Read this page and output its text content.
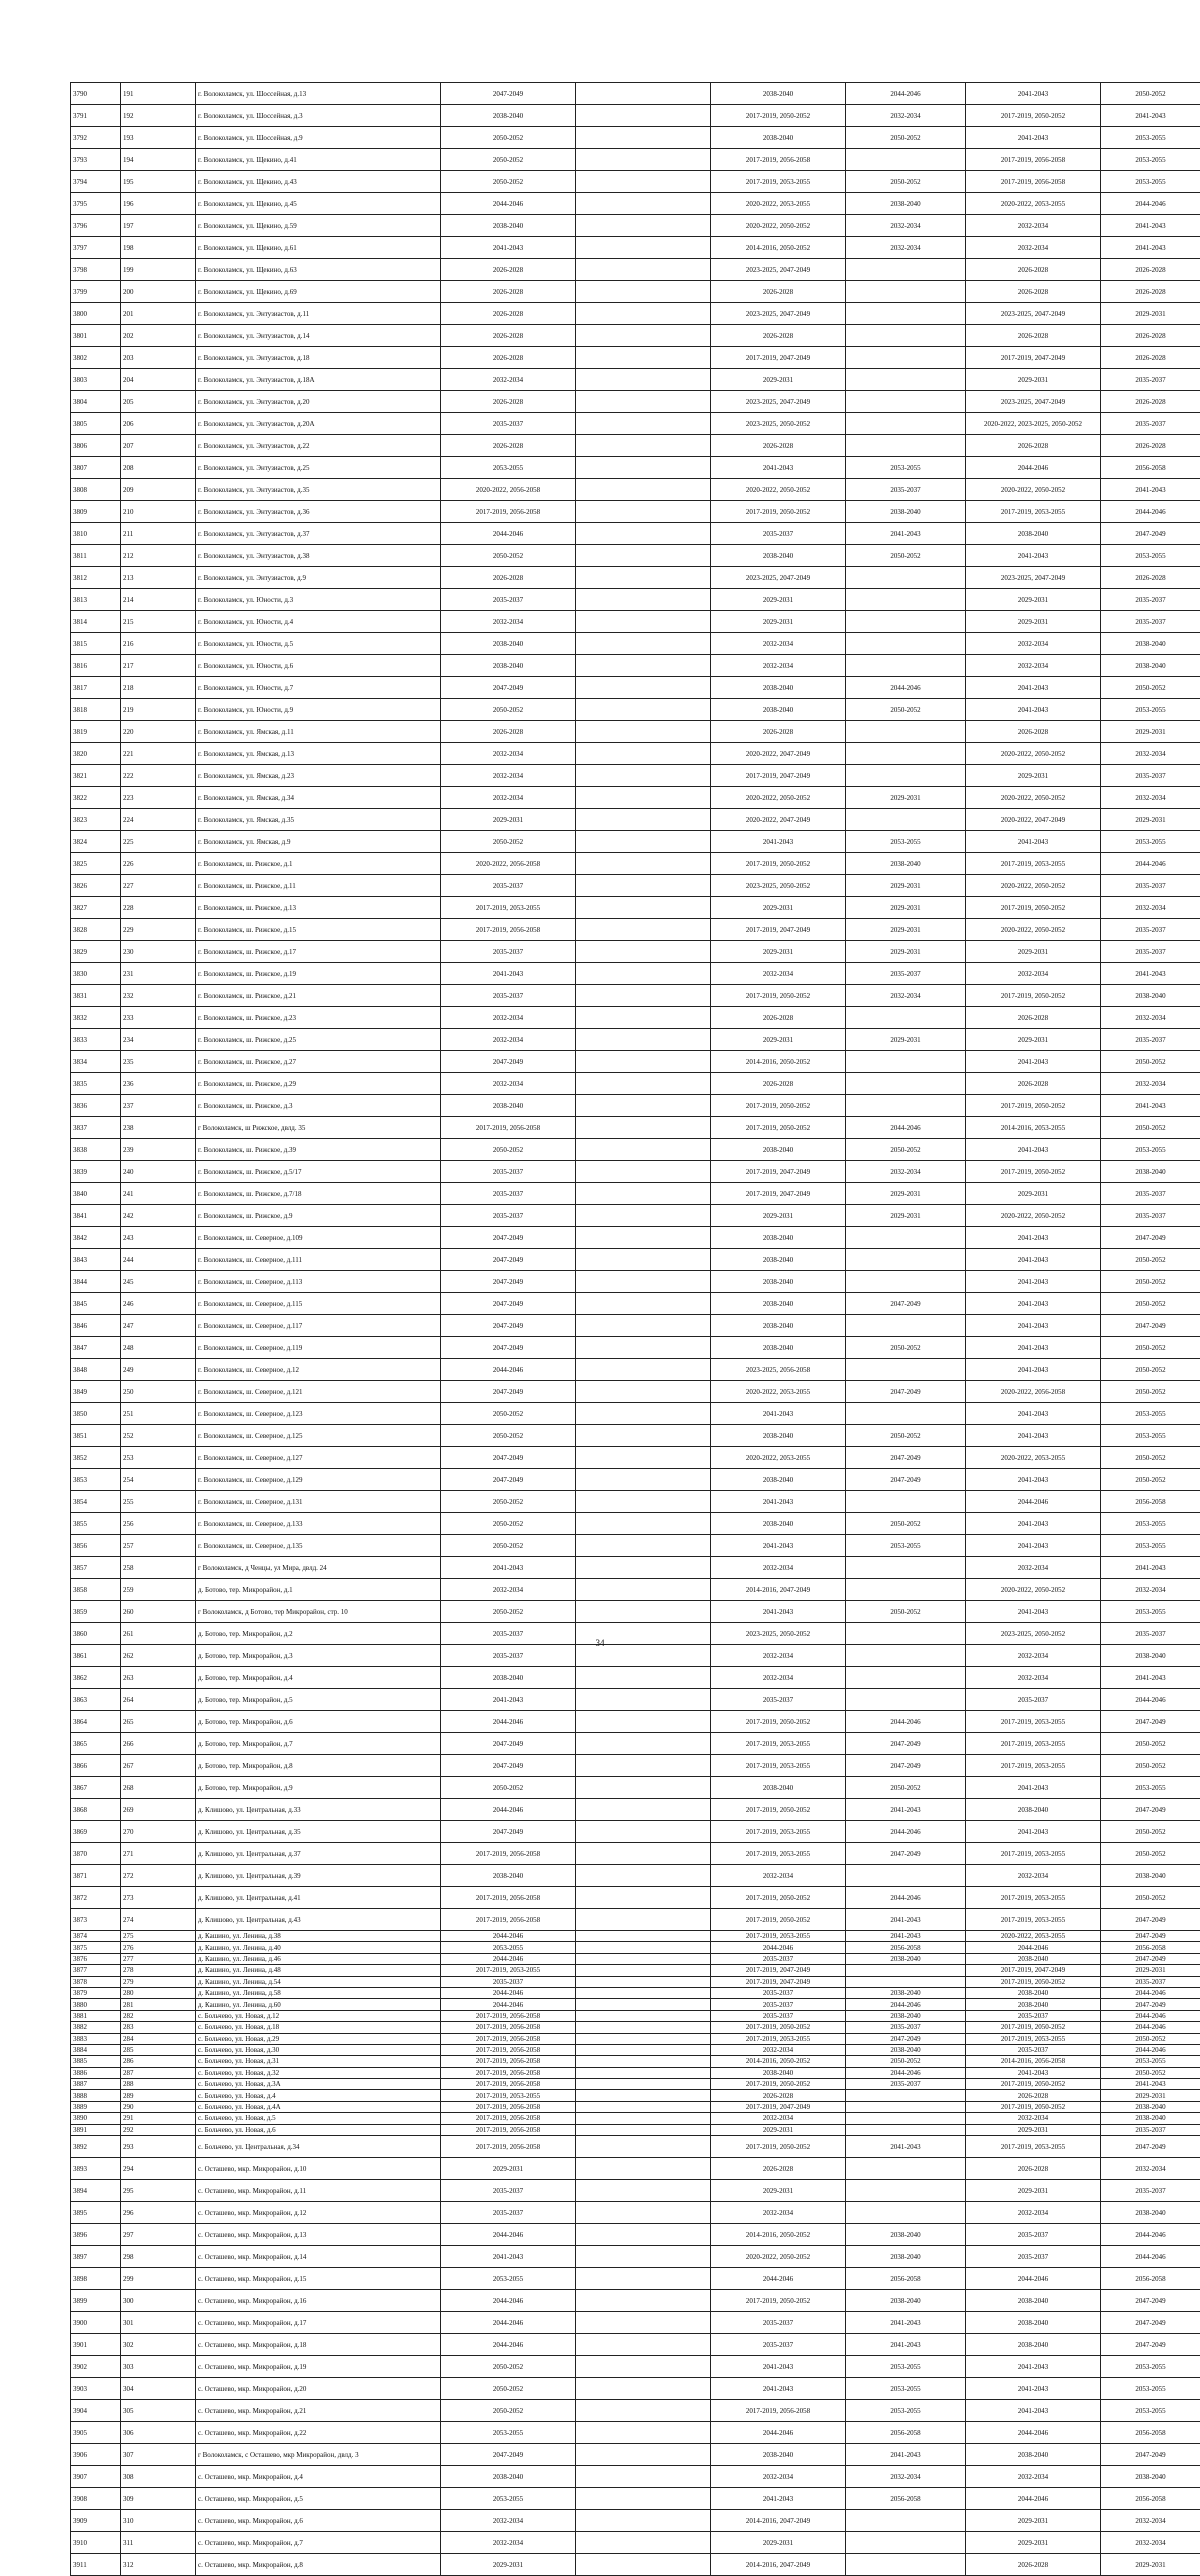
3790	191	г. Волоколамск, ул. Шоссейная, д.13	2047-2049		2038-2040	2044-2046	2041-2043	2050-2052
3791	192	г. Волоколамск, ул. Шоссейная, д.3	2038-2040		2017-2019, 2050-2052	2032-2034	2017-2019, 2050-2052	2041-2043
3792	193	г. Волоколамск, ул. Шоссейная, д.9	2050-2052		2038-2040	2050-2052	2041-2043	2053-2055
3793	194	г. Волоколамск, ул. Щекино, д.41	2050-2052		2017-2019, 2056-2058		2017-2019, 2056-2058	2053-2055
3794	195	г. Волоколамск, ул. Щекино, д.43	2050-2052		2017-2019, 2053-2055	2050-2052	2017-2019, 2056-2058	2053-2055
3795	196	г. Волоколамск, ул. Щекино, д.45	2044-2046		2020-2022, 2053-2055	2038-2040	2020-2022, 2053-2055	2044-2046
3796	197	г. Волоколамск, ул. Щекино, д.59	2038-2040		2020-2022, 2050-2052	2032-2034	2032-2034	2041-2043
3797	198	г. Волоколамск, ул. Щекино, д.61	2041-2043		2014-2016, 2050-2052	2032-2034	2032-2034	2041-2043
3798	199	г. Волоколамск, ул. Щекино, д.63	2026-2028		2023-2025, 2047-2049		2026-2028	2026-2028
3799	200	г. Волоколамск, ул. Щекино, д.69	2026-2028		2026-2028		2026-2028	2026-2028
3800	201	г. Волоколамск, ул. Энтузиастов, д.11	2026-2028		2023-2025, 2047-2049		2023-2025, 2047-2049	2029-2031
3801	202	г. Волоколамск, ул. Энтузиастов, д.14	2026-2028		2026-2028		2026-2028	2026-2028
3802	203	г. Волоколамск, ул. Энтузиастов, д.18	2026-2028		2017-2019, 2047-2049		2017-2019, 2047-2049	2026-2028
3803	204	г. Волоколамск, ул. Энтузиастов, д.18А	2032-2034		2029-2031		2029-2031	2035-2037
3804	205	г. Волоколамск, ул. Энтузиастов, д.20	2026-2028		2023-2025, 2047-2049		2023-2025, 2047-2049	2026-2028
3805	206	г. Волоколамск, ул. Энтузиастов, д.20А	2035-2037		2023-2025, 2050-2052		2020-2022, 2023-2025, 2050-2052	2035-2037
3806	207	г. Волоколамск, ул. Энтузиастов, д.22	2026-2028		2026-2028		2026-2028	2026-2028
3807	208	г. Волоколамск, ул. Энтузиастов, д.25	2053-2055		2041-2043	2053-2055	2044-2046	2056-2058
3808	209	г. Волоколамск, ул. Энтузиастов, д.35	2020-2022, 2056-2058		2020-2022, 2050-2052	2035-2037	2020-2022, 2050-2052	2041-2043
3809	210	г. Волоколамск, ул. Энтузиастов, д.36	2017-2019, 2056-2058		2017-2019, 2050-2052	2038-2040	2017-2019, 2053-2055	2044-2046
3810	211	г. Волоколамск, ул. Энтузиастов, д.37	2044-2046		2035-2037	2041-2043	2038-2040	2047-2049
3811	212	г. Волоколамск, ул. Энтузиастов, д.38	2050-2052		2038-2040	2050-2052	2041-2043	2053-2055
3812	213	г. Волоколамск, ул. Энтузиастов, д.9	2026-2028		2023-2025, 2047-2049		2023-2025, 2047-2049	2026-2028
3813	214	г. Волоколамск, ул. Юности, д.3	2035-2037		2029-2031		2029-2031	2035-2037
3814	215	г. Волоколамск, ул. Юности, д.4	2032-2034		2029-2031		2029-2031	2035-2037
3815	216	г. Волоколамск, ул. Юности, д.5	2038-2040		2032-2034		2032-2034	2038-2040
3816	217	г. Волоколамск, ул. Юности, д.6	2038-2040		2032-2034		2032-2034	2038-2040
3817	218	г. Волоколамск, ул. Юности, д.7	2047-2049		2038-2040	2044-2046	2041-2043	2050-2052
3818	219	г. Волоколамск, ул. Юности, д.9	2050-2052		2038-2040	2050-2052	2041-2043	2053-2055
3819	220	г. Волоколамск, ул. Ямская, д.11	2026-2028		2026-2028		2026-2028	2029-2031
3820	221	г. Волоколамск, ул. Ямская, д.13	2032-2034		2020-2022, 2047-2049		2020-2022, 2050-2052	2032-2034
3821	222	г. Волоколамск, ул. Ямская, д.23	2032-2034		2017-2019, 2047-2049		2029-2031	2035-2037
3822	223	г. Волоколамск, ул. Ямская, д.34	2032-2034		2020-2022, 2050-2052	2029-2031	2020-2022, 2050-2052	2032-2034
3823	224	г. Волоколамск, ул. Ямская, д.35	2029-2031		2020-2022, 2047-2049		2020-2022, 2047-2049	2029-2031
3824	225	г. Волоколамск, ул. Ямская, д.9	2050-2052		2041-2043	2053-2055	2041-2043	2053-2055
3825	226	г. Волоколамск, ш. Рижское, д.1	2020-2022, 2056-2058		2017-2019, 2050-2052	2038-2040	2017-2019, 2053-2055	2044-2046
3826	227	г. Волоколамск, ш. Рижское, д.11	2035-2037		2023-2025, 2050-2052	2029-2031	2020-2022, 2050-2052	2035-2037
3827	228	г. Волоколамск, ш. Рижское, д.13	2017-2019, 2053-2055		2029-2031	2029-2031	2017-2019, 2050-2052	2032-2034
3828	229	г. Волоколамск, ш. Рижское, д.15	2017-2019, 2056-2058		2017-2019, 2047-2049	2029-2031	2020-2022, 2050-2052	2035-2037
3829	230	г. Волоколамск, ш. Рижское, д.17	2035-2037		2029-2031	2029-2031	2029-2031	2035-2037
3830	231	г. Волоколамск, ш. Рижское, д.19	2041-2043		2032-2034	2035-2037	2032-2034	2041-2043
3831	232	г. Волоколамск, ш. Рижское, д.21	2035-2037		2017-2019, 2050-2052	2032-2034	2017-2019, 2050-2052	2038-2040
3832	233	г. Волоколамск, ш. Рижское, д.23	2032-2034		2026-2028		2026-2028	2032-2034
3833	234	г. Волоколамск, ш. Рижское, д.25	2032-2034		2029-2031	2029-2031	2029-2031	2035-2037
3834	235	г. Волоколамск, ш. Рижское, д.27	2047-2049		2014-2016, 2050-2052		2041-2043	2050-2052
3835	236	г. Волоколамск, ш. Рижское, д.29	2032-2034		2026-2028		2026-2028	2032-2034
3836	237	г. Волоколамск, ш. Рижское, д.3	2038-2040		2017-2019, 2050-2052		2017-2019, 2050-2052	2041-2043
3837	238	г Волоколамск, ш Рижское, двлд. 35	2017-2019, 2056-2058		2017-2019, 2050-2052	2044-2046	2014-2016, 2053-2055	2050-2052
3838	239	г. Волоколамск, ш. Рижское, д.39	2050-2052		2038-2040	2050-2052	2041-2043	2053-2055
3839	240	г. Волоколамск, ш. Рижское, д.5/17	2035-2037		2017-2019, 2047-2049	2032-2034	2017-2019, 2050-2052	2038-2040
3840	241	г. Волоколамск, ш. Рижское, д.7/18	2035-2037		2017-2019, 2047-2049	2029-2031	2029-2031	2035-2037
3841	242	г. Волоколамск, ш. Рижское, д.9	2035-2037		2029-2031	2029-2031	2020-2022, 2050-2052	2035-2037
3842	243	г. Волоколамск, ш. Северное, д.109	2047-2049		2038-2040		2041-2043	2047-2049
3843	244	г. Волоколамск, ш. Северное, д.111	2047-2049		2038-2040		2041-2043	2050-2052
3844	245	г. Волоколамск, ш. Северное, д.113	2047-2049		2038-2040		2041-2043	2050-2052
3845	246	г. Волоколамск, ш. Северное, д.115	2047-2049		2038-2040	2047-2049	2041-2043	2050-2052
3846	247	г. Волоколамск, ш. Северное, д.117	2047-2049		2038-2040		2041-2043	2047-2049
3847	248	г. Волоколамск, ш. Северное, д.119	2047-2049		2038-2040	2050-2052	2041-2043	2050-2052
3848	249	г. Волоколамск, ш. Северное, д.12	2044-2046		2023-2025, 2056-2058		2041-2043	2050-2052
3849	250	г. Волоколамск, ш. Северное, д.121	2047-2049		2020-2022, 2053-2055	2047-2049	2020-2022, 2056-2058	2050-2052
3850	251	г. Волоколамск, ш. Северное, д.123	2050-2052		2041-2043		2041-2043	2053-2055
3851	252	г. Волоколамск, ш. Северное, д.125	2050-2052		2038-2040	2050-2052	2041-2043	2053-2055
3852	253	г. Волоколамск, ш. Северное, д.127	2047-2049		2020-2022, 2053-2055	2047-2049	2020-2022, 2053-2055	2050-2052
3853	254	г. Волоколамск, ш. Северное, д.129	2047-2049		2038-2040	2047-2049	2041-2043	2050-2052
3854	255	г. Волоколамск, ш. Северное, д.131	2050-2052		2041-2043		2044-2046	2056-2058
3855	256	г. Волоколамск, ш. Северное, д.133	2050-2052		2038-2040	2050-2052	2041-2043	2053-2055
3856	257	г. Волоколамск, ш. Северное, д.135	2050-2052		2041-2043	2053-2055	2041-2043	2053-2055
3857	258	г Волоколамск, д Ченцы, ул Мира, двлд. 24	2041-2043		2032-2034		2032-2034	2041-2043
3858	259	д. Ботово, тер. Микрорайон, д.1	2032-2034		2014-2016, 2047-2049		2020-2022, 2050-2052	2032-2034
3859	260	г Волоколамск, д Ботово, тер Микрорайон, стр. 10	2050-2052		2041-2043	2050-2052	2041-2043	2053-2055
3860	261	д. Ботово, тер. Микрорайон, д.2	2035-2037		2023-2025, 2050-2052		2023-2025, 2050-2052	2035-2037
3861	262	д. Ботово, тер. Микрорайон, д.3	2035-2037		2032-2034		2032-2034	2038-2040
3862	263	д. Ботово, тер. Микрорайон, д.4	2038-2040		2032-2034		2032-2034	2041-2043
3863	264	д. Ботово, тер. Микрорайон, д.5	2041-2043		2035-2037		2035-2037	2044-2046
3864	265	д. Ботово, тер. Микрорайон, д.6	2044-2046		2017-2019, 2050-2052	2044-2046	2017-2019, 2053-2055	2047-2049
3865	266	д. Ботово, тер. Микрорайон, д.7	2047-2049		2017-2019, 2053-2055	2047-2049	2017-2019, 2053-2055	2050-2052
3866	267	д. Ботово, тер. Микрорайон, д.8	2047-2049		2017-2019, 2053-2055	2047-2049	2017-2019, 2053-2055	2050-2052
3867	268	д. Ботово, тер. Микрорайон, д.9	2050-2052		2038-2040	2050-2052	2041-2043	2053-2055
3868	269	д. Клишово, ул. Центральная, д.33	2044-2046		2017-2019, 2050-2052	2041-2043	2038-2040	2047-2049
3869	270	д. Клишово, ул. Центральная, д.35	2047-2049		2017-2019, 2053-2055	2044-2046	2041-2043	2050-2052
3870	271	д. Клишово, ул. Центральная, д.37	2017-2019, 2056-2058		2017-2019, 2053-2055	2047-2049	2017-2019, 2053-2055	2050-2052
3871	272	д. Клишово, ул. Центральная, д.39	2038-2040		2032-2034		2032-2034	2038-2040
3872	273	д. Клишово, ул. Центральная, д.41	2017-2019, 2056-2058		2017-2019, 2050-2052	2044-2046	2017-2019, 2053-2055	2050-2052
3873	274	д. Клишово, ул. Центральная, д.43	2017-2019, 2056-2058		2017-2019, 2050-2052	2041-2043	2017-2019, 2053-2055	2047-2049
3874	275	д. Кашино, ул. Ленина, д.38	2044-2046		2017-2019, 2053-2055	2041-2043	2020-2022, 2053-2055	2047-2049
3875	276	д. Кашино, ул. Ленина, д.40	2053-2055		2044-2046	2056-2058	2044-2046	2056-2058
3876	277	д. Кашино, ул. Ленина, д.46	2044-2046		2035-2037	2038-2040	2038-2040	2047-2049
3877	278	д. Кашино, ул. Ленина, д.48	2017-2019, 2053-2055		2017-2019, 2047-2049		2017-2019, 2047-2049	2029-2031
3878	279	д. Кашино, ул. Ленина, д.54	2035-2037		2017-2019, 2047-2049		2017-2019, 2050-2052	2035-2037
3879	280	д. Кашино, ул. Ленина, д.58	2044-2046		2035-2037	2038-2040	2038-2040	2044-2046
3880	281	д. Кашино, ул. Ленина, д.60	2044-2046		2035-2037	2044-2046	2038-2040	2047-2049
3881	282	с. Больчево, ул. Новая, д.12	2017-2019, 2056-2058		2035-2037	2038-2040	2035-2037	2044-2046
3882	283	с. Больчево, ул. Новая, д.18	2017-2019, 2056-2058		2017-2019, 2050-2052	2035-2037	2017-2019, 2050-2052	2044-2046
3883	284	с. Больчево, ул. Новая, д.29	2017-2019, 2056-2058		2017-2019, 2053-2055	2047-2049	2017-2019, 2053-2055	2050-2052
3884	285	с. Больчево, ул. Новая, д.30	2017-2019, 2056-2058		2032-2034	2038-2040	2035-2037	2044-2046
3885	286	с. Больчево, ул. Новая, д.31	2017-2019, 2056-2058		2014-2016, 2050-2052	2050-2052	2014-2016, 2056-2058	2053-2055
3886	287	с. Больчево, ул. Новая, д.32	2017-2019, 2056-2058		2038-2040	2044-2046	2041-2043	2050-2052
3887	288	с. Больчево, ул. Новая, д.3А	2017-2019, 2056-2058		2017-2019, 2050-2052	2035-2037	2017-2019, 2050-2052	2041-2043
3888	289	с. Больчево, ул. Новая, д.4	2017-2019, 2053-2055		2026-2028		2026-2028	2029-2031
3889	290	с. Больчево, ул. Новая, д.4А	2017-2019, 2056-2058		2017-2019, 2047-2049		2017-2019, 2050-2052	2038-2040
3890	291	с. Больчево, ул. Новая, д.5	2017-2019, 2056-2058		2032-2034		2032-2034	2038-2040
3891	292	с. Больчево, ул. Новая, д.6	2017-2019, 2056-2058		2029-2031		2029-2031	2035-2037
3892	293	с. Больчево, ул. Центральная, д.34	2017-2019, 2056-2058		2017-2019, 2050-2052	2041-2043	2017-2019, 2053-2055	2047-2049
3893	294	с. Осташево, мкр. Микрорайон, д.10	2029-2031		2026-2028		2026-2028	2032-2034
3894	295	с. Осташево, мкр. Микрорайон, д.11	2035-2037		2029-2031		2029-2031	2035-2037
3895	296	с. Осташево, мкр. Микрорайон, д.12	2035-2037		2032-2034		2032-2034	2038-2040
3896	297	с. Осташево, мкр. Микрорайон, д.13	2044-2046		2014-2016, 2050-2052	2038-2040	2035-2037	2044-2046
3897	298	с. Осташево, мкр. Микрорайон, д.14	2041-2043		2020-2022, 2050-2052	2038-2040	2035-2037	2044-2046
3898	299	с. Осташево, мкр. Микрорайон, д.15	2053-2055		2044-2046	2056-2058	2044-2046	2056-2058
3899	300	с. Осташево, мкр. Микрорайон, д.16	2044-2046		2017-2019, 2050-2052	2038-2040	2038-2040	2047-2049
3900	301	с. Осташево, мкр. Микрорайон, д.17	2044-2046		2035-2037	2041-2043	2038-2040	2047-2049
3901	302	с. Осташево, мкр. Микрорайон, д.18	2044-2046		2035-2037	2041-2043	2038-2040	2047-2049
3902	303	с. Осташево, мкр. Микрорайон, д.19	2050-2052		2041-2043	2053-2055	2041-2043	2053-2055
3903	304	с. Осташево, мкр. Микрорайон, д.20	2050-2052		2041-2043	2053-2055	2041-2043	2053-2055
3904	305	с. Осташево, мкр. Микрорайон, д.21	2050-2052		2017-2019, 2056-2058	2053-2055	2041-2043	2053-2055
3905	306	с. Осташево, мкр. Микрорайон, д.22	2053-2055		2044-2046	2056-2058	2044-2046	2056-2058
3906	307	г Волоколамск, с Осташево, мкр Микрорайон, двлд. 3	2047-2049		2038-2040	2041-2043	2038-2040	2047-2049
3907	308	с. Осташево, мкр. Микрорайон, д.4	2038-2040		2032-2034	2032-2034	2032-2034	2038-2040
3908	309	с. Осташево, мкр. Микрорайон, д.5	2053-2055		2041-2043	2056-2058	2044-2046	2056-2058
3909	310	с. Осташево, мкр. Микрорайон, д.6	2032-2034		2014-2016, 2047-2049		2029-2031	2032-2034
3910	311	с. Осташево, мкр. Микрорайон, д.7	2032-2034		2029-2031		2029-2031	2032-2034
3911	312	с. Осташево, мкр. Микрорайон, д.8	2029-2031		2014-2016, 2047-2049		2026-2028	2029-2031
34
